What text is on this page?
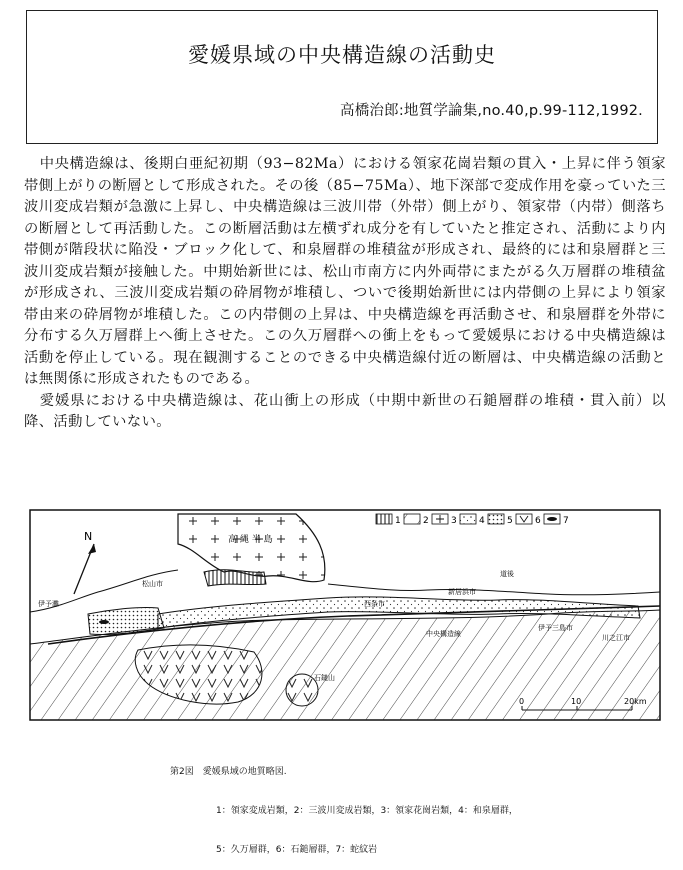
愛媛県域の中央構造線の活動史
高橋治郎:地質学論集,no.40,p.99-112,1992.

中央構造線は、後期白亜紀初期（93−82Ma）における領家花崗岩類の貫入・上昇に伴う領家帯側上がりの断層として形成された。その後（85−75Ma）、地下深部で変成作用を豪っていた三波川変成岩類が急激に上昇し、中央構造線は三波川帯（外帯）側上がり、領家帯（内帯）側落ちの断層として再活動した。この断層活動は左横ずれ成分を有していたと推定され、活動により内帯側が階段状に陥没・ブロック化して、和泉層群の堆積盆が形成され、最終的には和泉層群と三波川変成岩類が接触した。中期始新世には、松山市南方に内外両帯にまたがる久万層群の堆積盆が形成され、三波川変成岩類の砕屑物が堆積し、ついで後期始新世には内帯側の上昇により領家帯由来の砕屑物が堆積した。この内帯側の上昇は、中央構造線を再活動させ、和泉層群を外帯に分布する久万層群上へ衝上させた。この久万層群への衝上をもって愛媛県における中央構造線は活動を停止している。現在観測することのできる中央構造線付近の断層は、中央構造線の活動とは無関係に形成されたものである。

愛媛県における中央構造線は、花山衝上の形成（中期中新世の石鎚層群の堆積・貫入前）以降、活動していない。

N	高 縄 半 島
松山市
伊予灘
道後
西条市
新居浜市
川之江市
伊予三島市
中央構造線
石鎚山
1 2 3 4 5 6 7
0	10	20km

第2図　愛媛県域の地質略図.

1：領家変成岩類，2：三波川変成岩類，3：領家花崗岩類，4：和泉層群，

5：久万層群，6：石鎚層群，7：蛇紋岩
